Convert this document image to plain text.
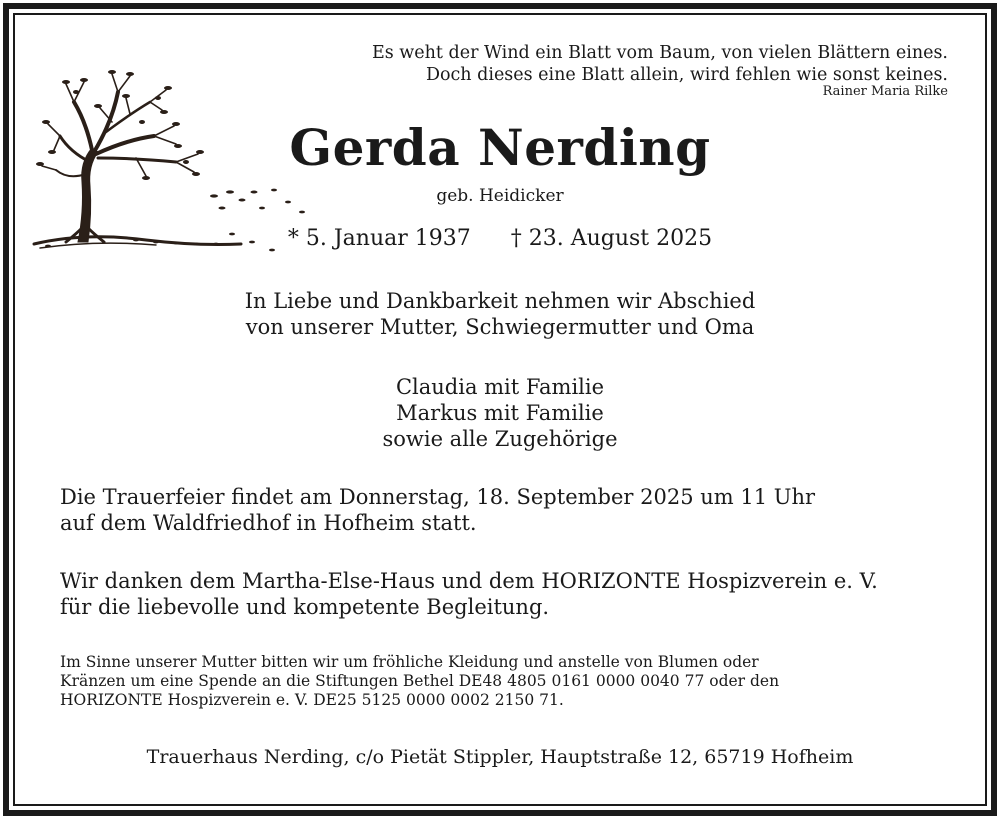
Es weht der Wind ein Blatt vom Baum, von vielen Blättern eines.
Doch dieses eine Blatt allein, wird fehlen wie sonst keines.
Rainer Maria Rilke
Gerda Nerding
geb. Heidicker
* 5. Januar 1937 † 23. August 2025
In Liebe und Dankbarkeit nehmen wir Abschied
von unserer Mutter, Schwiegermutter und Oma
Claudia mit Familie
Markus mit Familie
sowie alle Zugehörige
Die Trauerfeier findet am Donnerstag, 18. September 2025 um 11 Uhr
auf dem Waldfriedhof in Hofheim statt.
Wir danken dem Martha-Else-Haus und dem HORIZONTE Hospizverein e. V.
für die liebevolle und kompetente Begleitung.
Im Sinne unserer Mutter bitten wir um fröhliche Kleidung und anstelle von Blumen oder
Kränzen um eine Spende an die Stiftungen Bethel DE48 4805 0161 0000 0040 77 oder den
HORIZONTE Hospizverein e. V. DE25 5125 0000 0002 2150 71.
Trauerhaus Nerding, c/o Pietät Stippler, Hauptstraße 12, 65719 Hofheim
